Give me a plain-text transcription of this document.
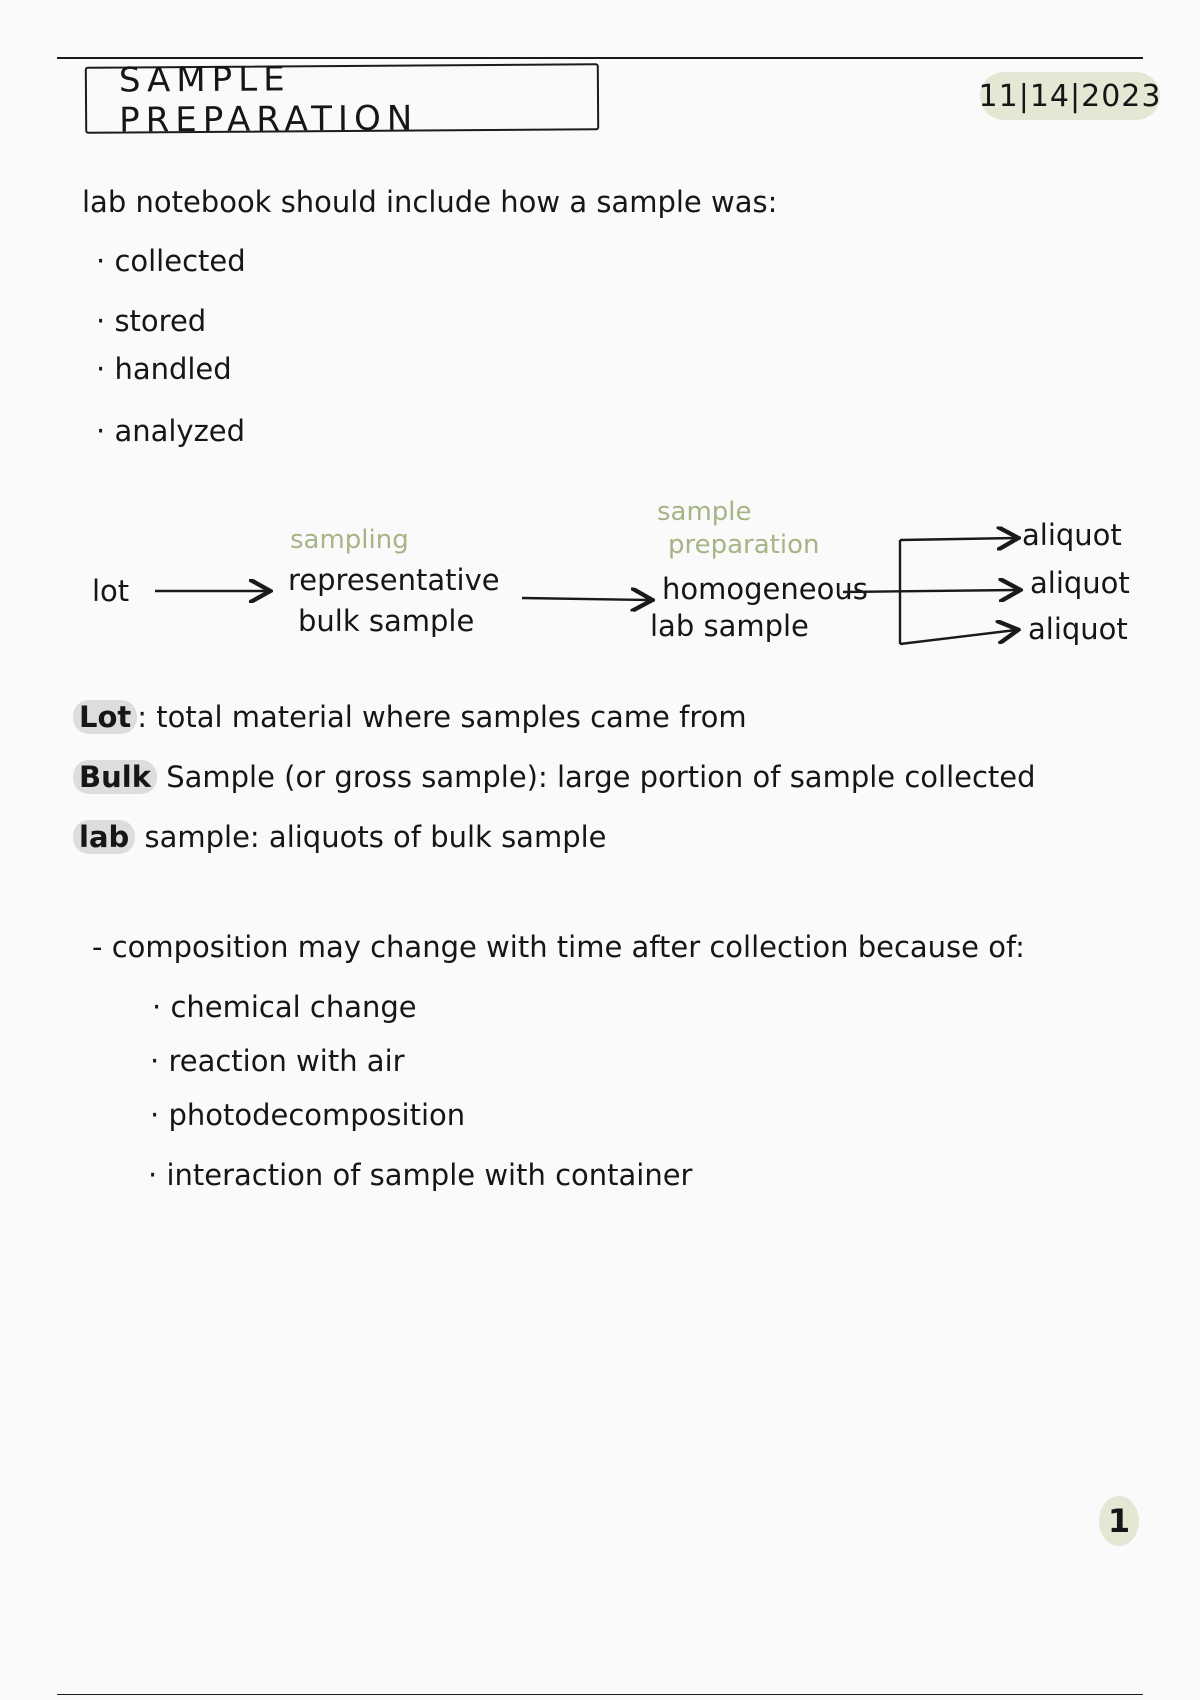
SAMPLE PREPARATION
11|14|2023
lab notebook should include how a sample was:
· collected
· stored
· handled
· analyzed
lot
sampling
representative
bulk sample
sample
preparation
homogeneous
lab sample
aliquot
aliquot
aliquot
Lot : total material where samples came from
Bulk Sample (or gross sample): large portion of sample collected
lab sample: aliquots of bulk sample
- composition may change with time after collection because of:
· chemical change
· reaction with air
· photodecomposition
· interaction of sample with container
1
